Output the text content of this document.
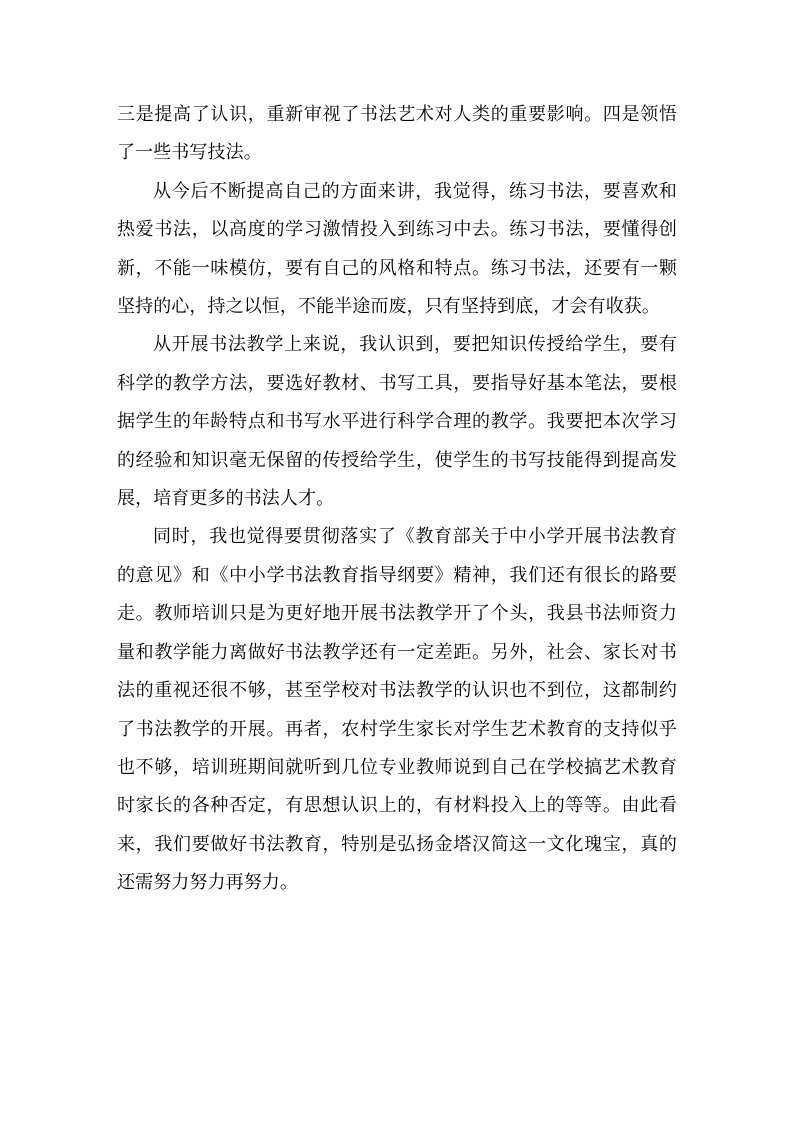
三是提高了认识，重新审视了书法艺术对人类的重要影响。四是领悟了一些书写技法。

从今后不断提高自己的方面来讲，我觉得，练习书法，要喜欢和热爱书法，以高度的学习激情投入到练习中去。练习书法，要懂得创新，不能一味模仿，要有自己的风格和特点。练习书法，还要有一颗坚持的心，持之以恒，不能半途而废，只有坚持到底，才会有收获。

从开展书法教学上来说，我认识到，要把知识传授给学生，要有科学的教学方法，要选好教材、书写工具，要指导好基本笔法，要根据学生的年龄特点和书写水平进行科学合理的教学。我要把本次学习的经验和知识毫无保留的传授给学生，使学生的书写技能得到提高发展，培育更多的书法人才。

同时，我也觉得要贯彻落实了《教育部关于中小学开展书法教育的意见》和《中小学书法教育指导纲要》精神，我们还有很长的路要走。教师培训只是为更好地开展书法教学开了个头，我县书法师资力量和教学能力离做好书法教学还有一定差距。另外，社会、家长对书法的重视还很不够，甚至学校对书法教学的认识也不到位，这都制约了书法教学的开展。再者，农村学生家长对学生艺术教育的支持似乎也不够，培训班期间就听到几位专业教师说到自己在学校搞艺术教育时家长的各种否定，有思想认识上的，有材料投入上的等等。由此看来，我们要做好书法教育，特别是弘扬金塔汉简这一文化瑰宝，真的还需努力努力再努力。
